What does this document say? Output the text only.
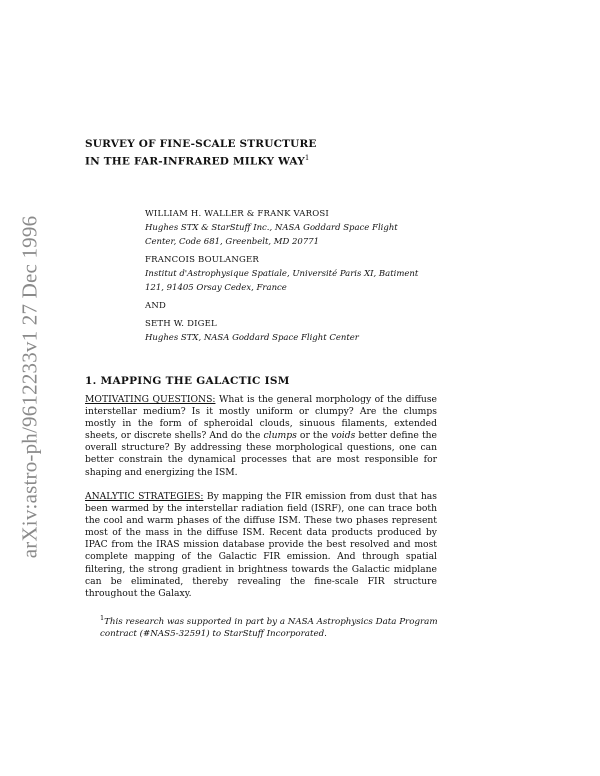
arXiv:astro-ph/9612233v1 27 Dec 1996
SURVEY OF FINE-SCALE STRUCTURE
IN THE FAR-INFRARED MILKY WAY$^1$
WILLIAM H. WALLER & FRANK VAROSI
Hughes STX & StarStuff Inc., NASA Goddard Space Flight
Center, Code 681, Greenbelt, MD 20771
FRANCOIS BOULANGER
Institut d'Astrophysique Spatiale, Université Paris XI, Batiment
121, 91405 Orsay Cedex, France
AND
SETH W. DIGEL
Hughes STX, NASA Goddard Space Flight Center
1. MAPPING THE GALACTIC ISM
MOTIVATING QUESTIONS: What is the general morphology of the diffuse interstellar medium? Is it mostly uniform or clumpy? Are the clumps mostly in the form of spheroidal clouds, sinuous filaments, extended sheets, or discrete shells? And do the clumps or the voids better define the overall structure? By addressing these morphological questions, one can better constrain the dynamical processes that are most responsible for shaping and energizing the ISM.
ANALYTIC STRATEGIES: By mapping the FIR emission from dust that has been warmed by the interstellar radiation field (ISRF), one can trace both the cool and warm phases of the diffuse ISM. These two phases represent most of the mass in the diffuse ISM. Recent data products produced by IPAC from the IRAS mission database provide the best resolved and most complete mapping of the Galactic FIR emission. And through spatial filtering, the strong gradient in brightness towards the Galactic midplane can be eliminated, thereby revealing the fine-scale FIR structure throughout the Galaxy.
$^1$This research was supported in part by a NASA Astrophysics Data Program contract (#NAS5-32591) to StarStuff Incorporated.
